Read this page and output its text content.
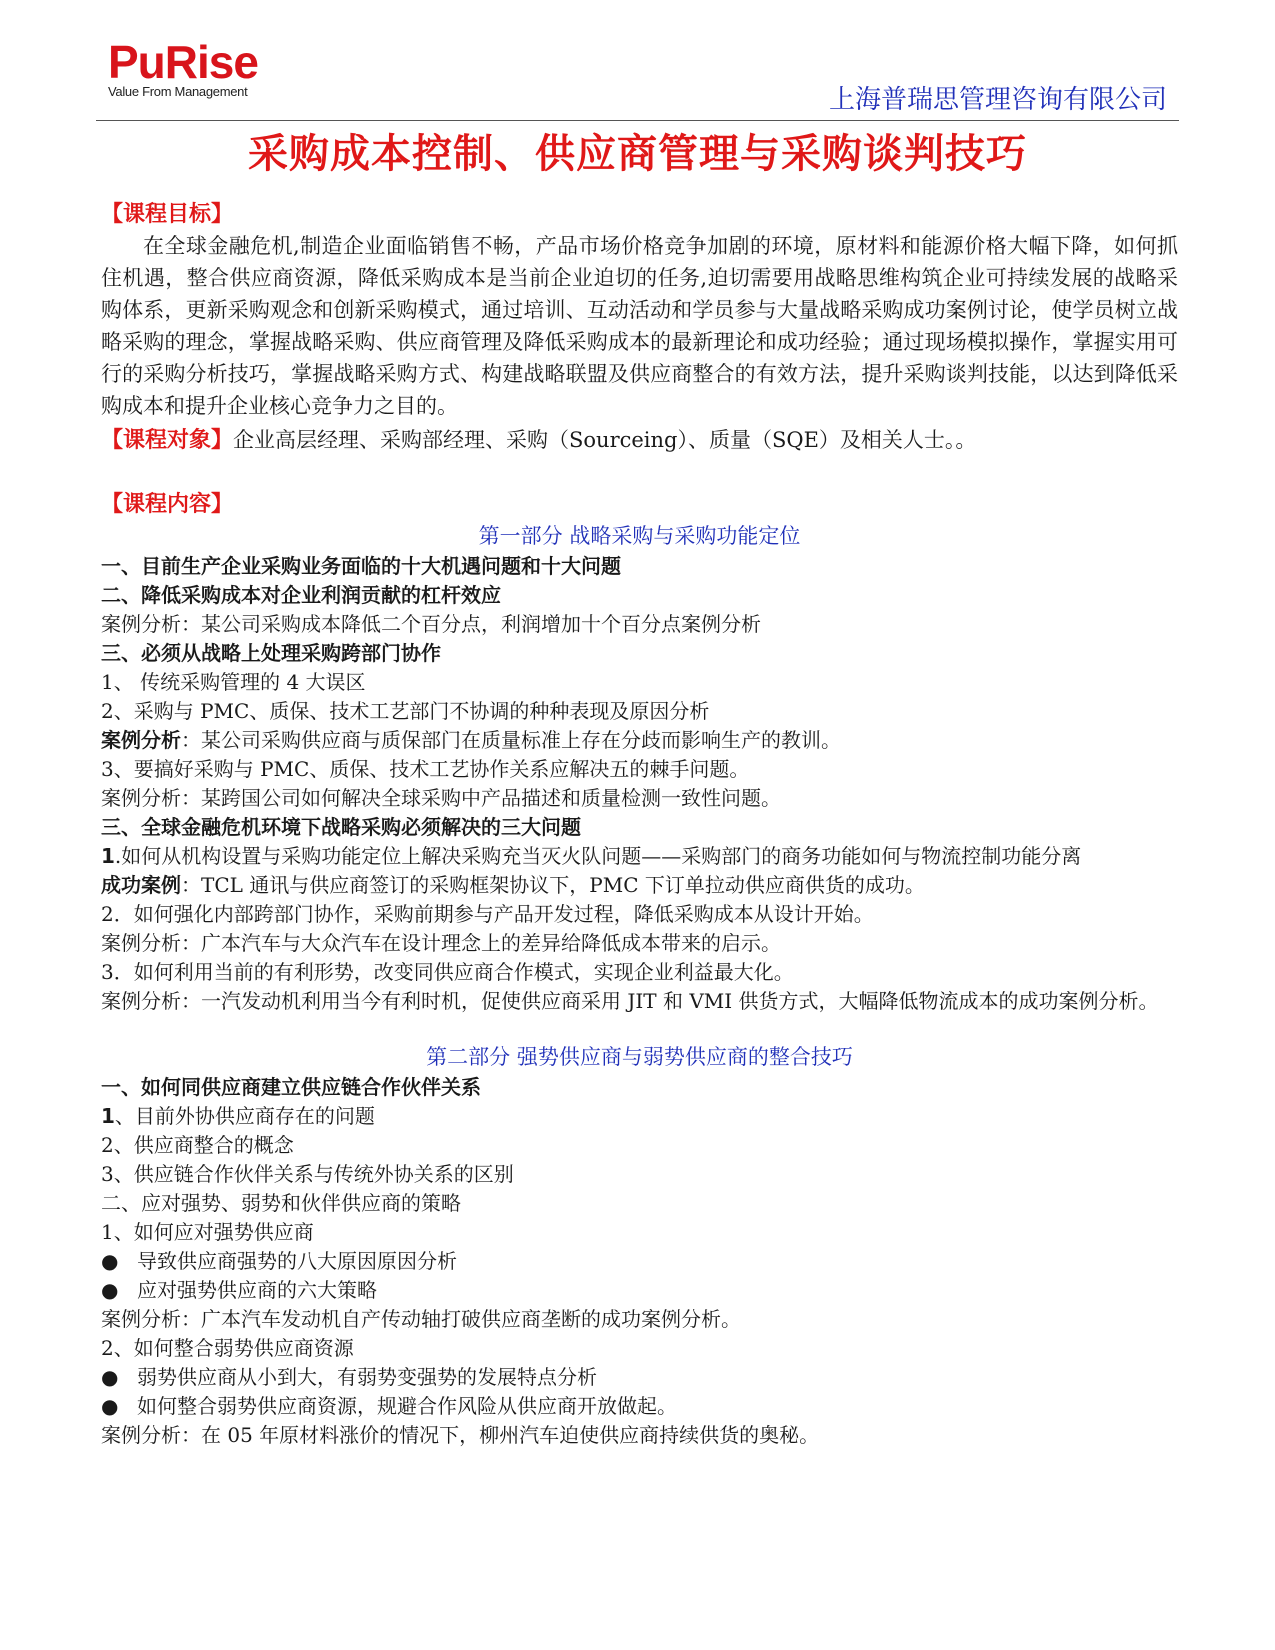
PuRise
Value From Management	上海普瑞思管理咨询有限公司
采购成本控制、供应商管理与采购谈判技巧
【课程目标】

在全球金融危机,制造企业面临销售不畅，产品市场价格竞争加剧的环境，原材料和能源价格大幅下降，如何抓住机遇，整合供应商资源，降低采购成本是当前企业迫切的任务,迫切需要用战略思维构筑企业可持续发展的战略采购体系，更新采购观念和创新采购模式，通过培训、互动活动和学员参与大量战略采购成功案例讨论，使学员树立战略采购的理念，掌握战略采购、供应商管理及降低采购成本的最新理论和成功经验；通过现场模拟操作，掌握实用可行的采购分析技巧，掌握战略采购方式、构建战略联盟及供应商整合的有效方法，提升采购谈判技能，以达到降低采购成本和提升企业核心竞争力之目的。

【课程对象】企业高层经理、采购部经理、采购（Sourceing）、质量（SQE）及相关人士。。

【课程内容】

第一部分 战略采购与采购功能定位

一、目前生产企业采购业务面临的十大机遇问题和十大问题

二、降低采购成本对企业利润贡献的杠杆效应

案例分析：某公司采购成本降低二个百分点，利润增加十个百分点案例分析

三、必须从战略上处理采购跨部门协作

1、 传统采购管理的 4 大误区

2、采购与 PMC、质保、技术工艺部门不协调的种种表现及原因分析

案例分析：某公司采购供应商与质保部门在质量标准上存在分歧而影响生产的教训。

3、要搞好采购与 PMC、质保、技术工艺协作关系应解决五的棘手问题。

案例分析：某跨国公司如何解决全球采购中产品描述和质量检测一致性问题。

三、全球金融危机环境下战略采购必须解决的三大问题

1.如何从机构设置与采购功能定位上解决采购充当灭火队问题——采购部门的商务功能如何与物流控制功能分离

成功案例：TCL 通讯与供应商签订的采购框架协议下，PMC 下订单拉动供应商供货的成功。

2．如何强化内部跨部门协作，采购前期参与产品开发过程，降低采购成本从设计开始。

案例分析：广本汽车与大众汽车在设计理念上的差异给降低成本带来的启示。

3．如何利用当前的有利形势，改变同供应商合作模式，实现企业利益最大化。

案例分析：一汽发动机利用当今有利时机，促使供应商采用 JIT 和 VMI 供货方式，大幅降低物流成本的成功案例分析。

第二部分 强势供应商与弱势供应商的整合技巧

一、如何同供应商建立供应链合作伙伴关系

1、目前外协供应商存在的问题

2、供应商整合的概念

3、供应链合作伙伴关系与传统外协关系的区别

二、应对强势、弱势和伙伴供应商的策略

1、如何应对强势供应商

● 导致供应商强势的八大原因原因分析

● 应对强势供应商的六大策略

案例分析：广本汽车发动机自产传动轴打破供应商垄断的成功案例分析。

2、如何整合弱势供应商资源

● 弱势供应商从小到大，有弱势变强势的发展特点分析

● 如何整合弱势供应商资源，规避合作风险从供应商开放做起。

案例分析：在 05 年原材料涨价的情况下，柳州汽车迫使供应商持续供货的奥秘。
